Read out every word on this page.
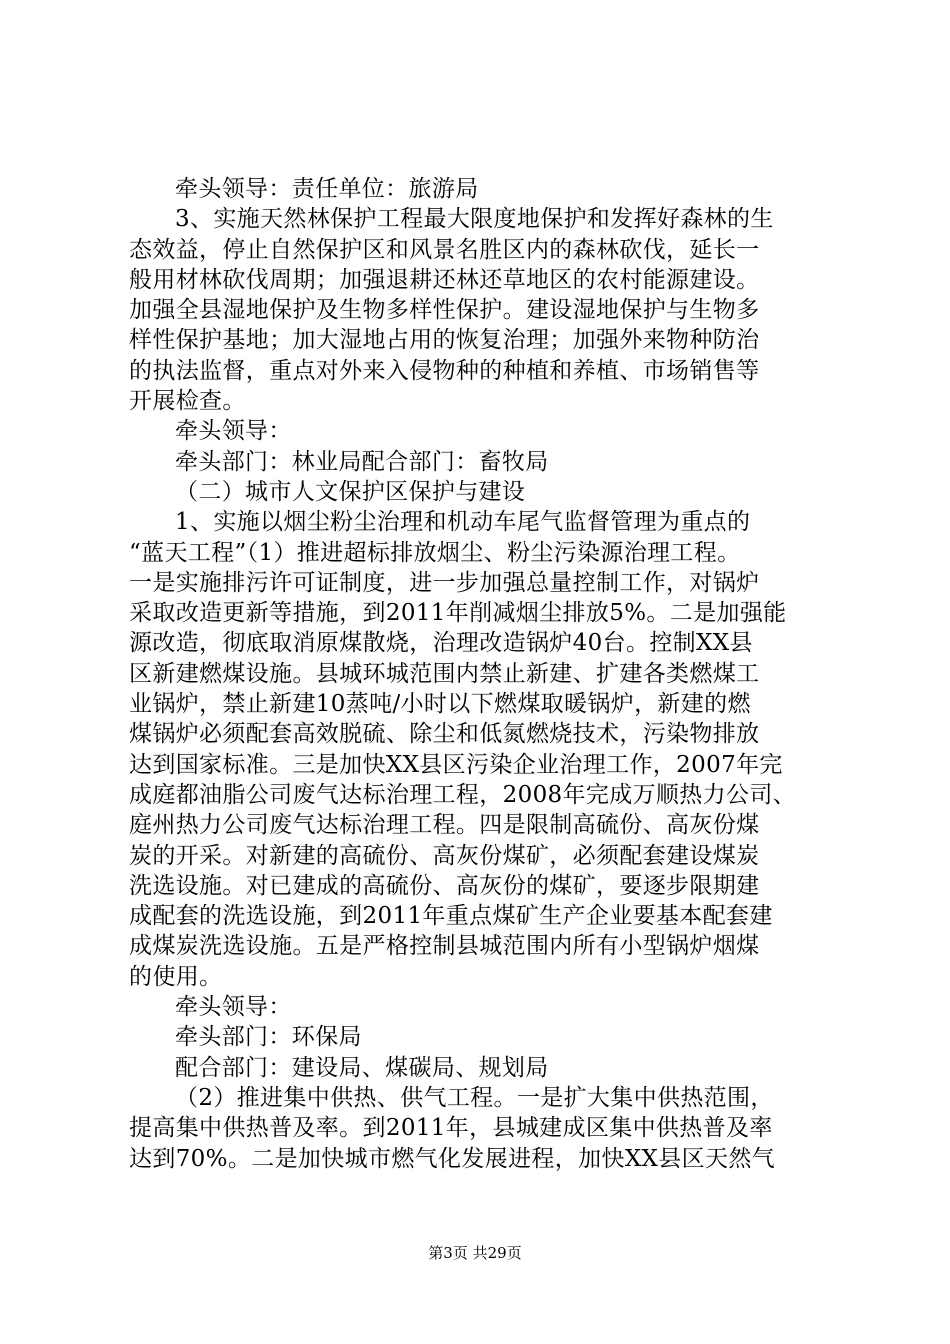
牵头领导：责任单位：旅游局
3、实施天然林保护工程最大限度地保护和发挥好森林的生
态效益，停止自然保护区和风景名胜区内的森林砍伐，延长一
般用材林砍伐周期；加强退耕还林还草地区的农村能源建设。
加强全县湿地保护及生物多样性保护。建设湿地保护与生物多
样性保护基地；加大湿地占用的恢复治理；加强外来物种防治
的执法监督，重点对外来入侵物种的种植和养植、市场销售等
开展检查。
牵头领导：
牵头部门：林业局配合部门：畜牧局
（二）城市人文保护区保护与建设
1、实施以烟尘粉尘治理和机动车尾气监督管理为重点的
“蓝天工程”（1）推进超标排放烟尘、粉尘污染源治理工程。
一是实施排污许可证制度，进一步加强总量控制工作，对锅炉
采取改造更新等措施，到2011年削减烟尘排放5%。二是加强能
源改造，彻底取消原煤散烧，治理改造锅炉40台。控制XX县
区新建燃煤设施。县城环城范围内禁止新建、扩建各类燃煤工
业锅炉，禁止新建10蒸吨/小时以下燃煤取暖锅炉，新建的燃
煤锅炉必须配套高效脱硫、除尘和低氮燃烧技术，污染物排放
达到国家标准。三是加快XX县区污染企业治理工作，2007年完
成庭都油脂公司废气达标治理工程，2008年完成万顺热力公司、
庭州热力公司废气达标治理工程。四是限制高硫份、高灰份煤
炭的开采。对新建的高硫份、高灰份煤矿，必须配套建设煤炭
洗选设施。对已建成的高硫份、高灰份的煤矿，要逐步限期建
成配套的洗选设施，到2011年重点煤矿生产企业要基本配套建
成煤炭洗选设施。五是严格控制县城范围内所有小型锅炉烟煤
的使用。
牵头领导：
牵头部门：环保局
配合部门：建设局、煤碳局、规划局
（2）推进集中供热、供气工程。一是扩大集中供热范围，
提高集中供热普及率。到2011年，县城建成区集中供热普及率
达到70%。二是加快城市燃气化发展进程，加快XX县区天然气
第3页 共29页
